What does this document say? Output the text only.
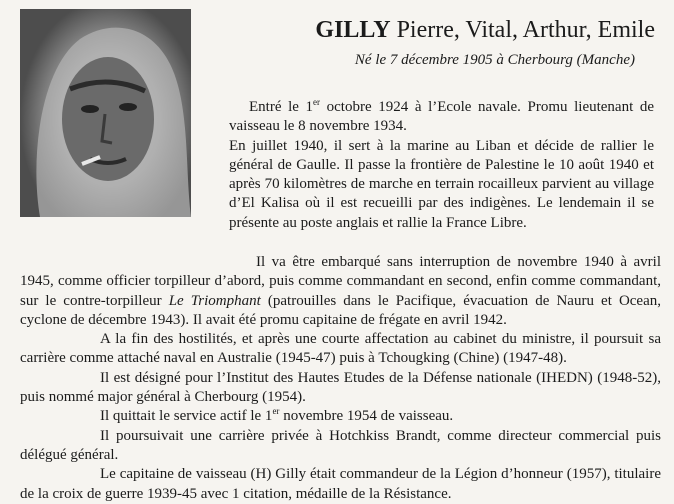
GILLY Pierre, Vital, Arthur, Emile
Né le 7 décembre 1905 à Cherbourg (Manche)

Entré le 1er octobre 1924 à l’Ecole navale. Promu lieutenant de vaisseau le 8 novembre 1934.

En juillet 1940, il sert à la marine au Liban et décide de rallier le général de Gaulle. Il passe la frontière de Palestine le 10 août 1940 et après 70 kilomètres de marche en terrain rocailleux parvient au village d’El Kalisa où il est recueilli par des indigènes. Le lendemain il se présente au poste anglais et rallie la France Libre.

Il va être embarqué sans interruption de novembre 1940 à avril 1945, comme officier torpilleur d’abord, puis comme commandant en second, enfin comme commandant, sur le contre-torpilleur Le Triomphant (patrouilles dans le Pacifique, évacuation de Nauru et Ocean, cyclone de décembre 1943). Il avait été promu capitaine de frégate en avril 1942.

A la fin des hostilités, et après une courte affectation au cabinet du ministre, il poursuit sa carrière comme attaché naval en Australie (1945-47) puis à Tchougking (Chine) (1947-48).

Il est désigné pour l’Institut des Hautes Etudes de la Défense nationale (IHEDN) (1948-52), puis nommé major général à Cherbourg (1954).

Il quittait le service actif le 1er novembre 1954 de vaisseau.

Il poursuivait une carrière privée à Hotchkiss Brandt, comme directeur commercial puis délégué général.

Le capitaine de vaisseau (H) Gilly était commandeur de la Légion d’honneur (1957), titulaire de la croix de guerre 1939-45 avec 1 citation, médaille de la Résistance.
